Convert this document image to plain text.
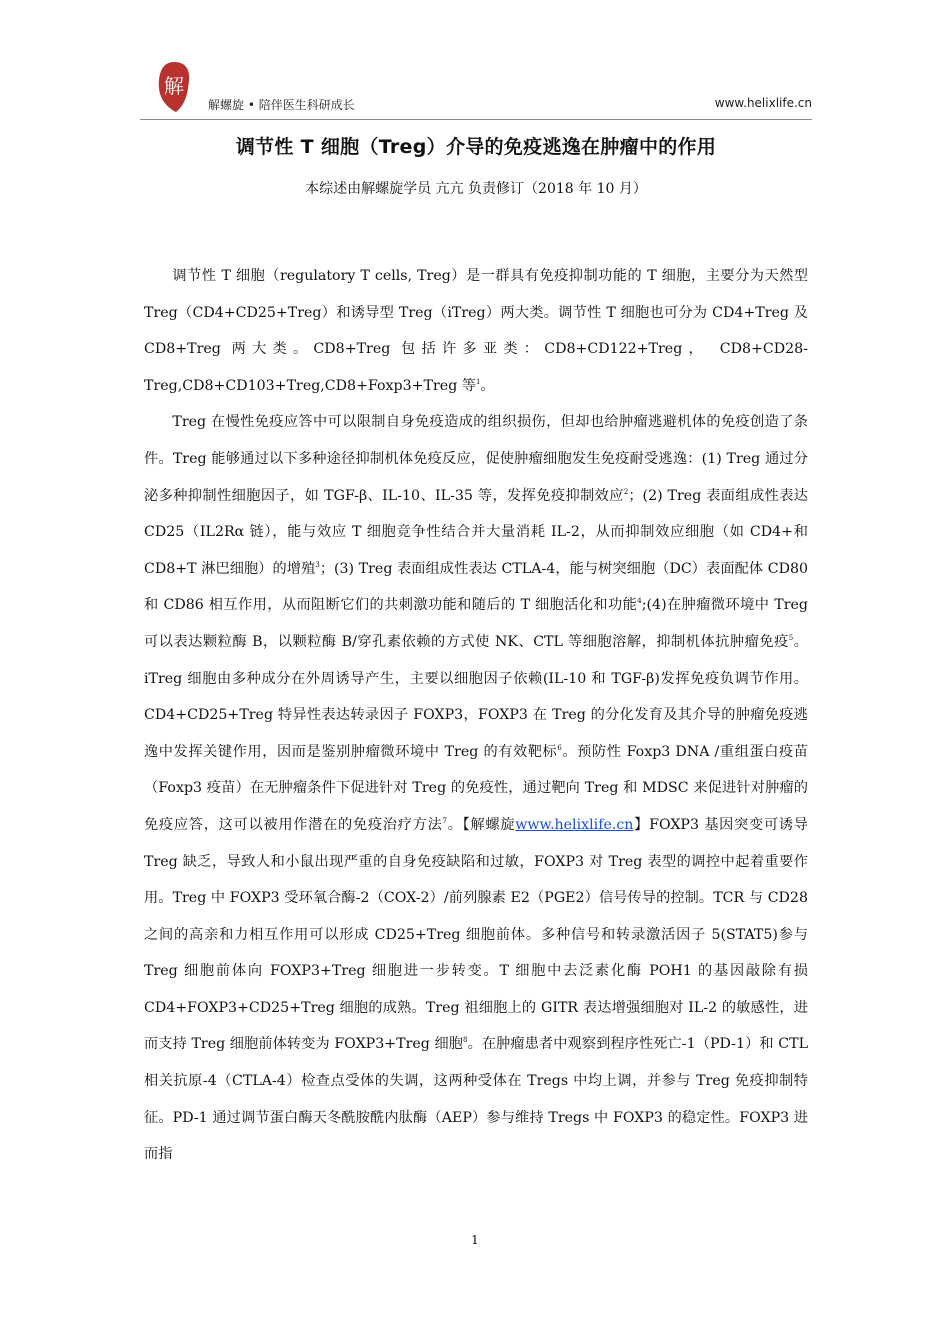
解
解螺旋 • 陪伴医生科研成长	www.helixlife.cn
调节性 T 细胞（Treg）介导的免疫逃逸在肿瘤中的作用
本综述由解螺旋学员 亢亢 负责修订（2018 年 10 月）

调节性 T 细胞（regulatory T cells, Treg）是一群具有免疫抑制功能的 T 细胞，主要分为天然型 Treg（CD4+CD25+Treg）和诱导型 Treg（iTreg）两大类。调节性 T 细胞也可分为 CD4+Treg 及 CD8+Treg 两大类。CD8+Treg 包括许多亚类：CD8+CD122+Treg， CD8+CD28-Treg,CD8+CD103+Treg,CD8+Foxp3+Treg 等$^1$。

Treg 在慢性免疫应答中可以限制自身免疫造成的组织损伤，但却也给肿瘤逃避机体的免疫创造了条件。Treg 能够通过以下多种途径抑制机体免疫反应，促使肿瘤细胞发生免疫耐受逃逸：(1) Treg 通过分泌多种抑制性细胞因子，如 TGF-β、IL-10、IL-35 等，发挥免疫抑制效应$^2$；(2) Treg 表面组成性表达 CD25（IL2Rα 链），能与效应 T 细胞竞争性结合并大量消耗 IL-2，从而抑制效应细胞（如 CD4+和 CD8+T 淋巴细胞）的增殖$^3$；(3) Treg 表面组成性表达 CTLA-4，能与树突细胞（DC）表面配体 CD80 和 CD86 相互作用，从而阻断它们的共刺激功能和随后的 T 细胞活化和功能$^4$;(4)在肿瘤微环境中 Treg 可以表达颗粒酶 B，以颗粒酶 B/穿孔素依赖的方式使 NK、CTL 等细胞溶解，抑制机体抗肿瘤免疫$^5$。iTreg 细胞由多种成分在外周诱导产生，主要以细胞因子依赖(IL-10 和 TGF-β)发挥免疫负调节作用。CD4+CD25+Treg 特异性表达转录因子 FOXP3，FOXP3 在 Treg 的分化发育及其介导的肿瘤免疫逃逸中发挥关键作用，因而是鉴别肿瘤微环境中 Treg 的有效靶标$^6$。预防性 Foxp3 DNA /重组蛋白疫苗（Foxp3 疫苗）在无肿瘤条件下促进针对 Treg 的免疫性，通过靶向 Treg 和 MDSC 来促进针对肿瘤的免疫应答，这可以被用作潜在的免疫治疗方法$^7$。【解螺旋www.helixlife.cn】FOXP3 基因突变可诱导 Treg 缺乏，导致人和小鼠出现严重的自身免疫缺陷和过敏，FOXP3 对 Treg 表型的调控中起着重要作用。Treg 中 FOXP3 受环氧合酶-2（COX-2）/前列腺素 E2（PGE2）信号传导的控制。TCR 与 CD28 之间的高亲和力相互作用可以形成 CD25+Treg 细胞前体。多种信号和转录激活因子 5(STAT5)参与 Treg 细胞前体向 FOXP3+Treg 细胞进一步转变。T 细胞中去泛素化酶 POH1 的基因敲除有损 CD4+FOXP3+CD25+Treg 细胞的成熟。Treg 祖细胞上的 GITR 表达增强细胞对 IL-2 的敏感性，进而支持 Treg 细胞前体转变为 FOXP3+Treg 细胞$^8$。在肿瘤患者中观察到程序性死亡-1（PD-1）和 CTL 相关抗原-4（CTLA-4）检查点受体的失调，这两种受体在 Tregs 中均上调，并参与 Treg 免疫抑制特征。PD-1 通过调节蛋白酶天冬酰胺酰内肽酶（AEP）参与维持 Tregs 中 FOXP3 的稳定性。FOXP3 进而指

1
